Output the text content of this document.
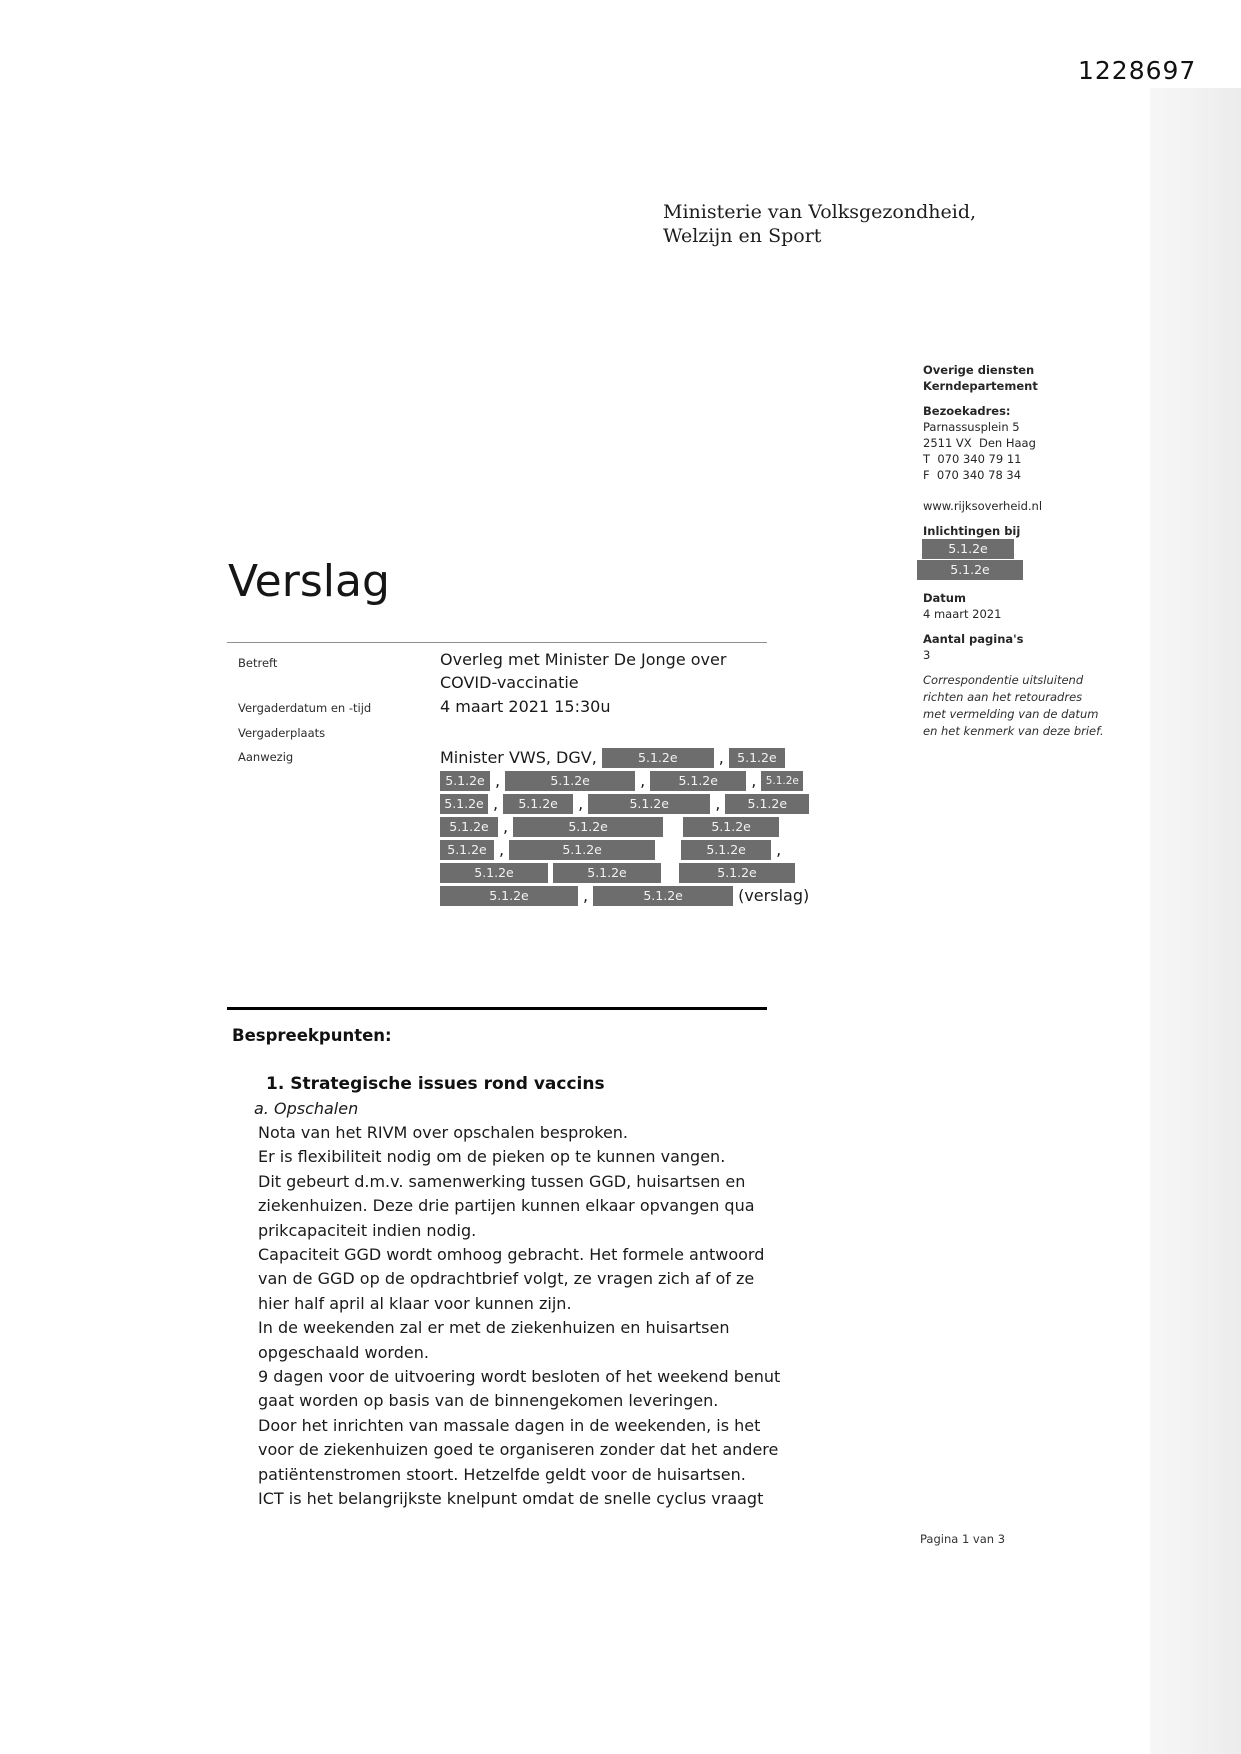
1228697
Ministerie van Volksgezondheid,
Welzijn en Sport
Overige diensten
Kerndepartement
Bezoekadres:
Parnassusplein 5
2511 VX  Den Haag
T  070 340 79 11
F  070 340 78 34
www.rijksoverheid.nl
Inlichtingen bij
5.1.2e
5.1.2e
Datum
4 maart 2021
Aantal pagina's
3
Correspondentie uitsluitend richten aan het retouradres met vermelding van de datum en het kenmerk van deze brief.
Verslag
Betreft	Overleg met Minister De Jonge over COVID-vaccinatie
Vergaderdatum en -tijd	4 maart 2021 15:30u
Vergaderplaats
Aanwezig	Minister VWS, DGV,	5.1.2e	,	5.1.2e
5.1.2e ,	5.1.2e	,	5.1.2e	, 5.1.2e
5.1.2e ,	5.1.2e	,	5.1.2e	,	5.1.2e
5.1.2e ,	5.1.2e	5.1.2e
5.1.2e ,	5.1.2e	5.1.2e	,
5.1.2e	5.1.2e	5.1.2e
5.1.2e	,	5.1.2e	(verslag)
Bespreekpunten:
1. Strategische issues rond vaccins
a. Opschalen
Nota van het RIVM over opschalen besproken.
Er is flexibiliteit nodig om de pieken op te kunnen vangen.
Dit gebeurt d.m.v. samenwerking tussen GGD, huisartsen en
ziekenhuizen. Deze drie partijen kunnen elkaar opvangen qua
prikcapaciteit indien nodig.
Capaciteit GGD wordt omhoog gebracht. Het formele antwoord
van de GGD op de opdrachtbrief volgt, ze vragen zich af of ze
hier half april al klaar voor kunnen zijn.
In de weekenden zal er met de ziekenhuizen en huisartsen
opgeschaald worden.
9 dagen voor de uitvoering wordt besloten of het weekend benut
gaat worden op basis van de binnengekomen leveringen.
Door het inrichten van massale dagen in de weekenden, is het
voor de ziekenhuizen goed te organiseren zonder dat het andere
patiëntenstromen stoort. Hetzelfde geldt voor de huisartsen.
ICT is het belangrijkste knelpunt omdat de snelle cyclus vraagt
Pagina 1 van 3
